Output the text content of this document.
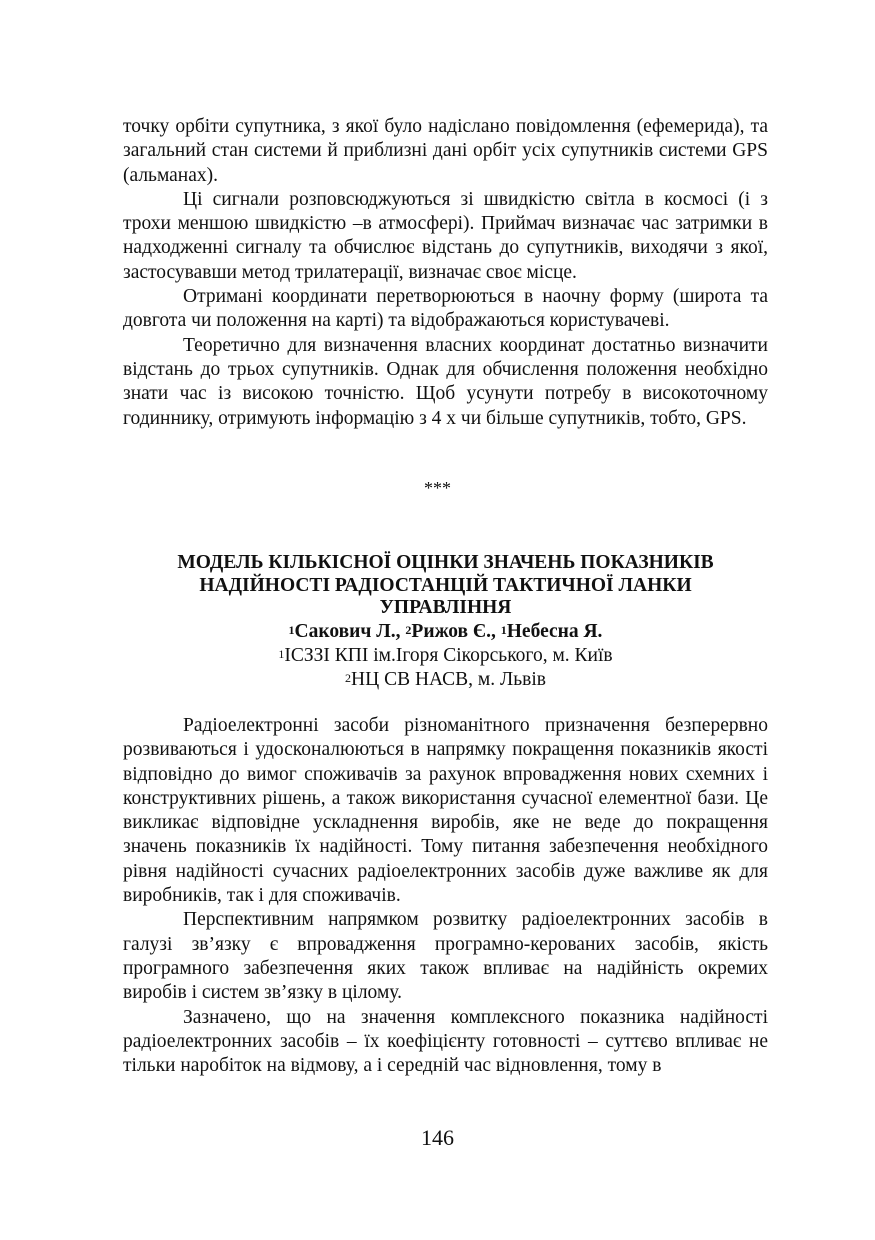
точку орбіти супутника, з якої було надіслано повідомлення (ефемерида), та загальний стан системи й приблизні дані орбіт усіх супутників системи GPS (альманах).

Ці сигнали розповсюджуються зі швидкістю світла в космосі (і з трохи меншою швидкістю –в атмосфері). Приймач визначає час затримки в надходженні сигналу та обчислює відстань до супутників, виходячи з якої, застосувавши метод трилатерації, визначає своє місце.

Отримані координати перетворюються в наочну форму (широта та довгота чи положення на карті) та відображаються користувачеві.

Теоретично для визначення власних координат достатньо визначити відстань до трьох супутників. Однак для обчислення положення необхідно знати час із високою точністю. Щоб усунути потребу в високоточному годиннику, отримують інформацію з 4 х чи більше супутників, тобто, GPS.

***
МОДЕЛЬ КІЛЬКІСНОЇ ОЦІНКИ ЗНАЧЕНЬ ПОКАЗНИКІВ
НАДІЙНОСТІ РАДІОСТАНЦІЙ ТАКТИЧНОЇ ЛАНКИ
УПРАВЛІННЯ
$^1$Сакович Л., $^2$Рижов Є., $^1$Небесна Я.
$^1$ІСЗЗІ КПІ ім.Ігоря Сікорського, м. Київ
$^2$НЦ СВ НАСВ, м. Львів

Радіоелектронні засоби різноманітного призначення безперервно розвиваються і удосконалюються в напрямку покращення показників якості відповідно до вимог споживачів за рахунок впровадження нових схемних і конструктивних рішень, а також використання сучасної елементної бази. Це викликає відповідне ускладнення виробів, яке не веде до покращення значень показників їх надійності. Тому питання забезпечення необхідного рівня надійності сучасних радіоелектронних засобів дуже важливе як для виробників, так і для споживачів.

Перспективним напрямком розвитку радіоелектронних засобів в галузі зв’язку є впровадження програмно-керованих засобів, якість програмного забезпечення яких також впливає на надійність окремих виробів і систем зв’язку в цілому.

Зазначено, що на значення комплексного показника надійності радіоелектронних засобів – їх коефіцієнту готовності – суттєво впливає не тільки наробіток на відмову, а і середній час відновлення, тому в

146
